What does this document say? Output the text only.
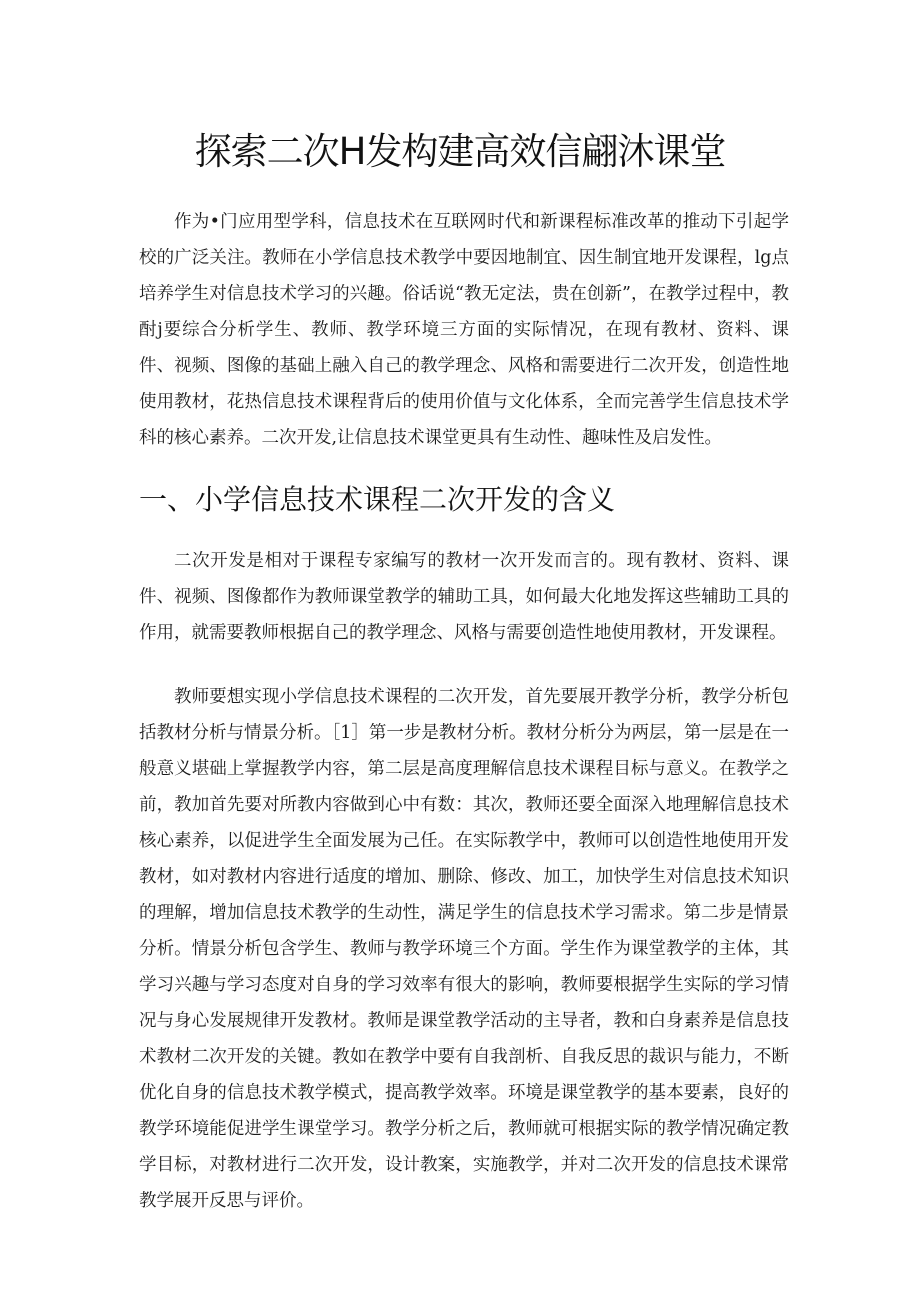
探索二次H发构建高效信翩沐课堂

作为•门应用型学科，信息技术在互联网时代和新课程标准改革的推动下引起学校的广泛关注。教师在小学信息技术教学中要因地制宜、因生制宜地开发课程，lg点培养学生对信息技术学习的兴趣。俗话说“教无定法，贵在创新”，在教学过程中，教酎j要综合分析学生、教师、教学环境三方面的实际情况，在现有教材、资料、课件、视频、图像的基础上融入自己的教学理念、风格和需要进行二次开发，创造性地使用教材，花热信息技术课程背后的使用价值与文化体系，全而完善学生信息技术学科的核心素养。二次开发,让信息技术课堂更具有生动性、趣味性及启发性。

一、小学信息技术课程二次开发的含义

二次开发是相对于课程专家编写的教材一次开发而言的。现有教材、资料、课件、视频、图像都作为教师课堂教学的辅助工具，如何最大化地发挥这些辅助工具的作用，就需要教师根据自己的教学理念、风格与需要创造性地使用教材，开发课程。

教师要想实现小学信息技术课程的二次开发，首先要展开教学分析，教学分析包括教材分析与情景分析。［1］第一步是教材分析。教材分析分为两层，第一层是在一般意义堪础上掌握教学内容，第二层是高度理解信息技术课程目标与意义。在教学之前，教加首先要对所教内容做到心中有数：其次，教师还要全面深入地理解信息技术核心素养，以促进学生全面发展为己任。在实际教学中，教师可以创造性地使用开发教材，如对教材内容进行适度的增加、删除、修改、加工，加快学生对信息技术知识的理解，增加信息技术教学的生动性，满足学生的信息技术学习需求。第二步是情景分析。情景分析包含学生、教师与教学环境三个方面。学生作为课堂教学的主体，其学习兴趣与学习态度对自身的学习效率有很大的影响，教师要根据学生实际的学习情况与身心发展规律开发教材。教师是课堂教学活动的主导者，教和白身素养是信息技术教材二次开发的关键。教如在教学中要有自我剖析、自我反思的裁识与能力，不断优化自身的信息技术教学模式，提高教学效率。环境是课堂教学的基本要素，良好的教学环境能促进学生课堂学习。教学分析之后，教师就可根据实际的教学情况确定教学目标，对教材进行二次开发，设计教案，实施教学，并对二次开发的信息技术课常教学展开反思与评价。
